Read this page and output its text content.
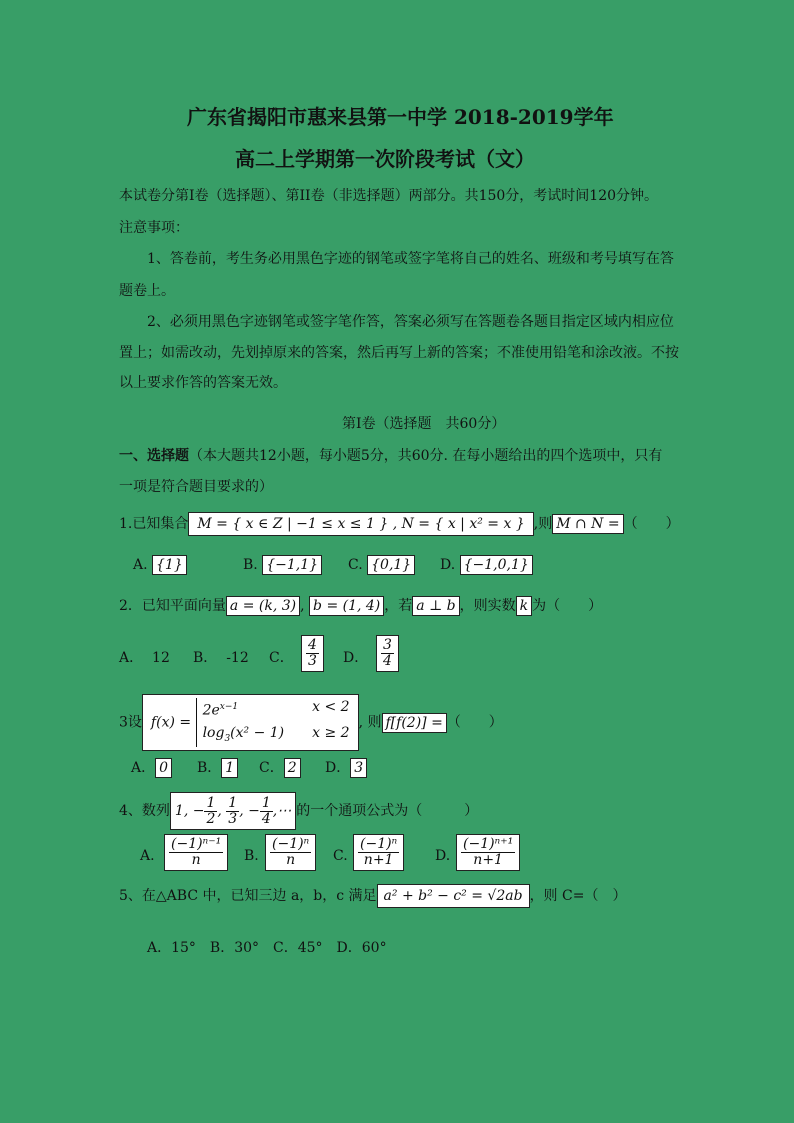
广东省揭阳市惠来县第一中学 2018-2019学年
高二上学期第一次阶段考试（文）
本试卷分第I卷（选择题）、第II卷（非选择题）两部分。共150分，考试时间120分钟。
注意事项：
1、答卷前，考生务必用黑色字迹的钢笔或签字笔将自己的姓名、班级和考号填写在答
题卷上。
2、必须用黑色字迹钢笔或签字笔作答，答案必须写在答题卷各题目指定区域内相应位
置上；如需改动，先划掉原来的答案，然后再写上新的答案；不准使用铅笔和涂改液。不按
以上要求作答的答案无效。
第I卷（选择题　共60分）
一、选择题（本大题共12小题，每小题5分，共60分. 在每小题给出的四个选项中，只有
一项是符合题目要求的）
1.已知集合 M = { x ∈ Z | −1 ≤ x ≤ 1 } , N = { x | x² = x } ,则 M ∩ N = （　　）
A. {1}	B. {−1,1} C. {0,1} D. {−1,0,1}
2．已知平面向量 a = (k, 3) , b = (1, 4) ，若 a ⊥ b ，则实数 k 为（　　）
A． 12 B． -12 C． $\frac{4}{3}$ D． $\frac{3}{4}$
3设 f(x) =
$2e^{x-1}$	x < 2
$\log_3(x^2 - 1) x \ge 2$
, 则 f[f(2)] = （　　）
A． 0 B． 1 C． 2 D． 3
4、数列 1, − $\frac{1}{2}$ , $\frac{1}{3}$ , − $\frac{1}{4}$ ,⋯ 的一个通项公式为（　　　）
A. $\frac{\text{(−1)ⁿ⁻¹}}{n} B$. $\frac{\text{(−1)ⁿ}}{n} C$. $\frac{\text{(−1)ⁿ}}{n+1}$	D. $\frac{\text{(−1)ⁿ⁺¹}}{n+1}$
5、在△ABC 中，已知三边 a，b，c 满足 a² + b² − c² = √2ab ，则 C=（　）
A．15°　B．30°　C．45°　D．60°
